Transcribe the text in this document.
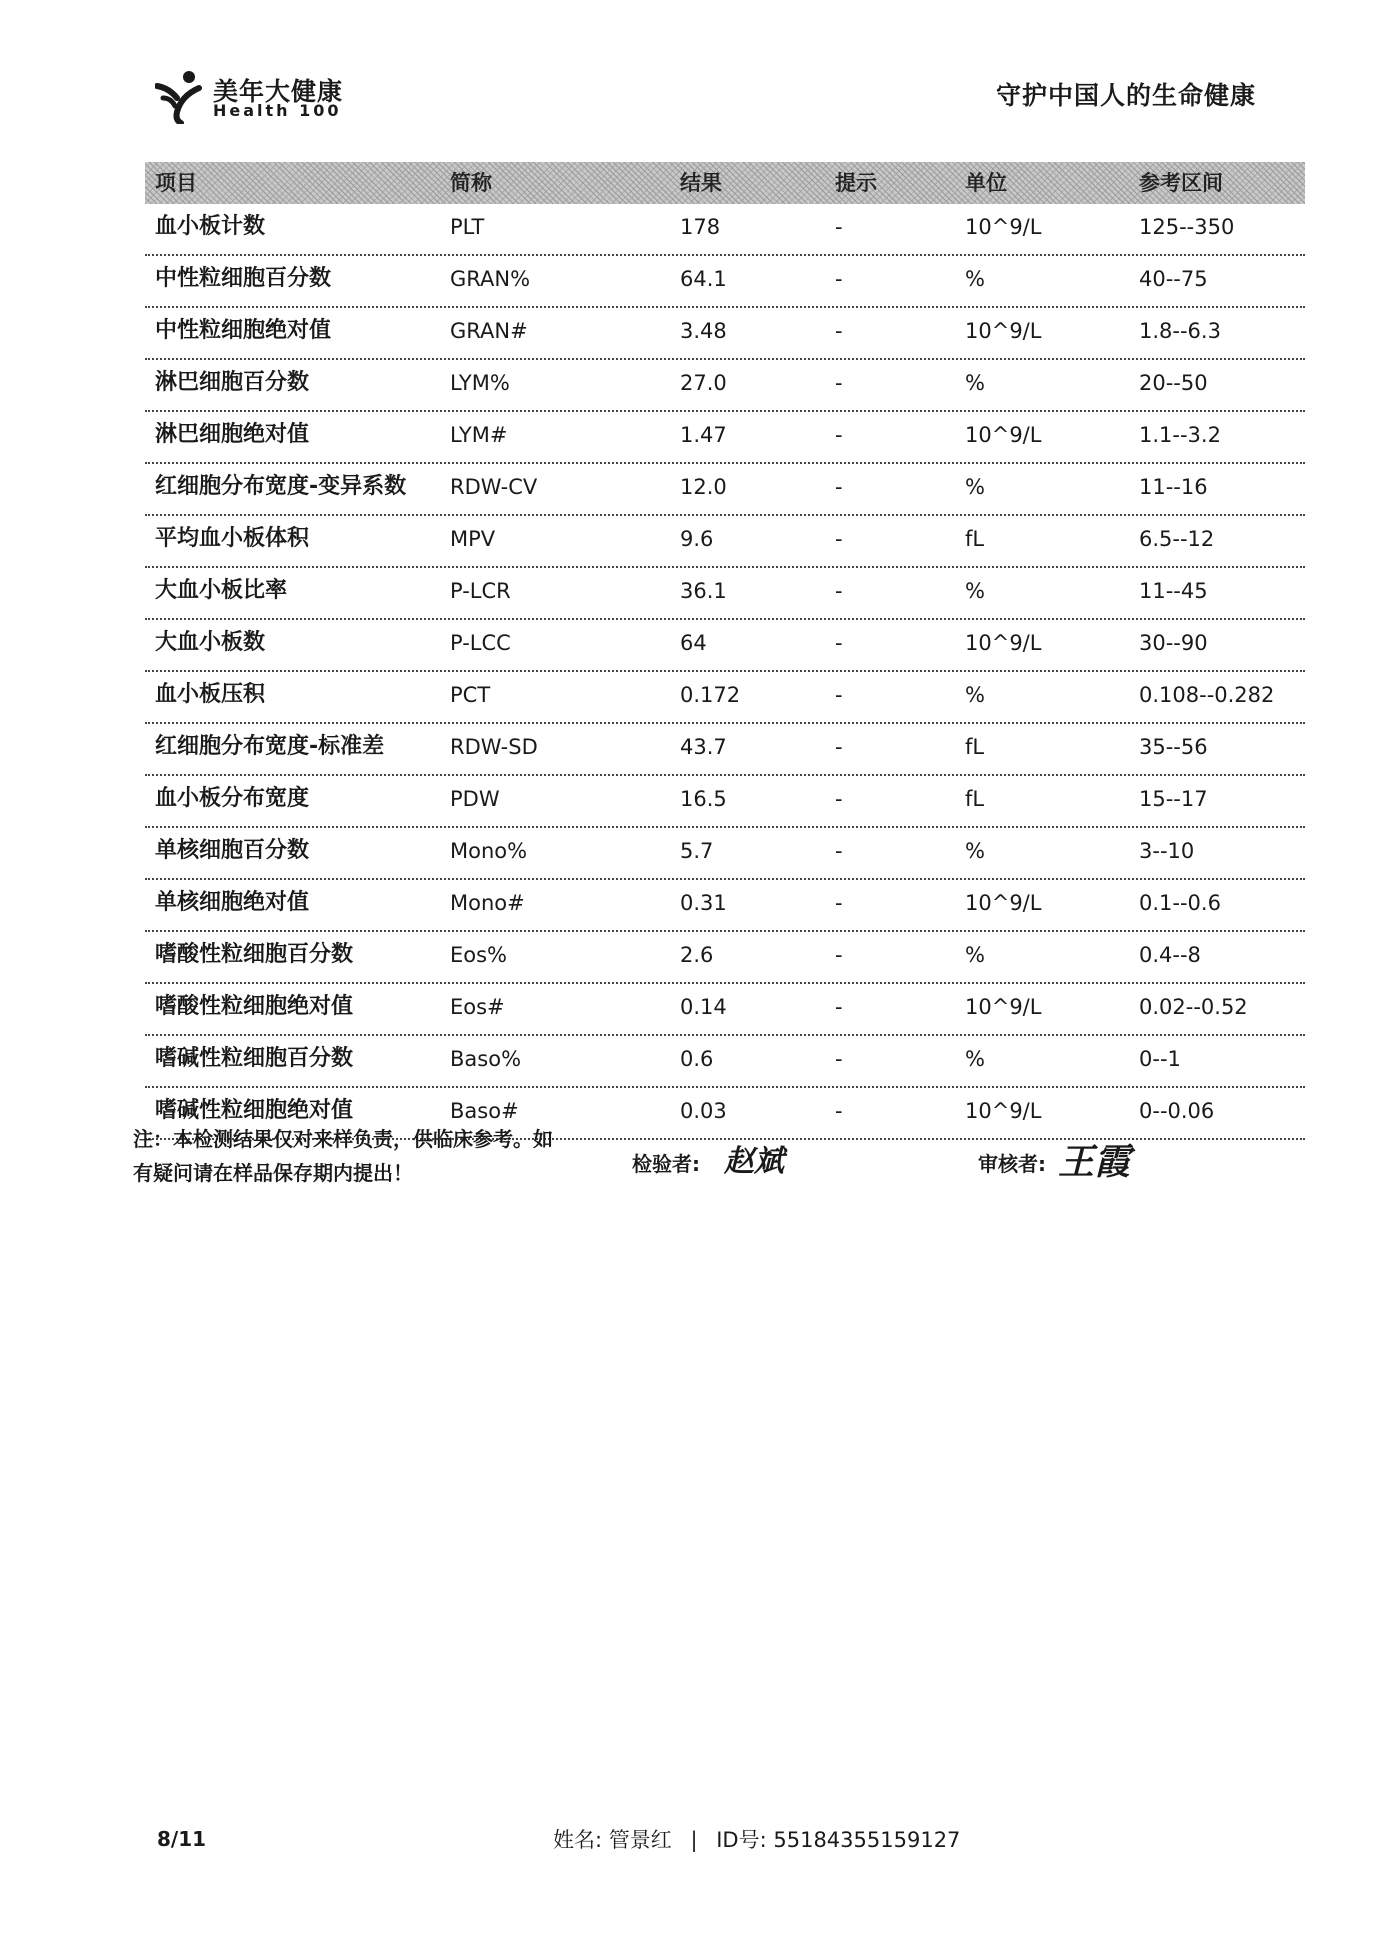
美年大健康
Health 100
守护中国人的生命健康
项目	简称	结果	提示	单位	参考区间
血小板计数	PLT	178	-	10^9/L	125--350
中性粒细胞百分数	GRAN%	64.1	-	%	40--75
中性粒细胞绝对值	GRAN#	3.48	-	10^9/L	1.8--6.3
淋巴细胞百分数	LYM%	27.0	-	%	20--50
淋巴细胞绝对值	LYM#	1.47	-	10^9/L	1.1--3.2
红细胞分布宽度-变异系数 RDW-CV	12.0	-	%	11--16
平均血小板体积	MPV	9.6	-	fL	6.5--12
大血小板比率	P-LCR	36.1	-	%	11--45
大血小板数	P-LCC	64	-	10^9/L	30--90
血小板压积	PCT	0.172	-	%	0.108--0.282
红细胞分布宽度-标准差	RDW-SD	43.7	-	fL	35--56
血小板分布宽度	PDW	16.5	-	fL	15--17
单核细胞百分数	Mono%	5.7	-	%	3--10
单核细胞绝对值	Mono#	0.31	-	10^9/L	0.1--0.6
嗜酸性粒细胞百分数	Eos%	2.6	-	%	0.4--8
嗜酸性粒细胞绝对值	Eos#	0.14	-	10^9/L	0.02--0.52
嗜碱性粒细胞百分数	Baso%	0.6	-	%	0--1
嗜碱性粒细胞绝对值	Baso#	0.03	-	10^9/L	0--0.06
注：本检测结果仅对来样负责，供临床参考。如
有疑问请在样品保存期内提出！	检验者: 赵斌	审核者: 王霞
8/11	姓名: 管景红 | ID号: 55184355159127
